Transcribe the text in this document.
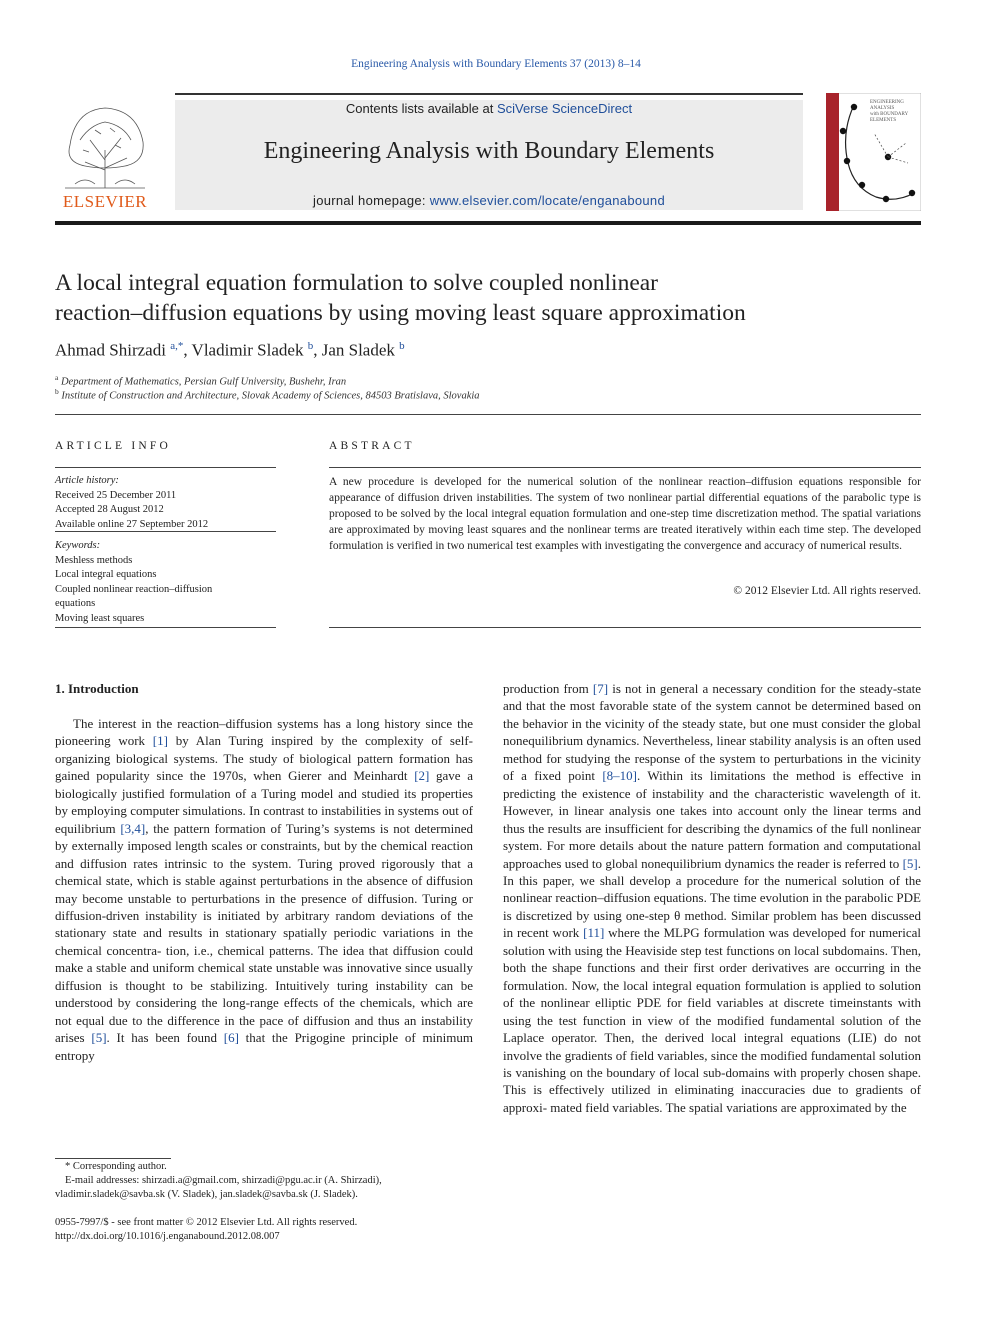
Engineering Analysis with Boundary Elements 37 (2013) 8–14
ELSEVIER
Contents lists available at SciVerse ScienceDirect
Engineering Analysis with Boundary Elements
journal homepage: www.elsevier.com/locate/enganabound
ENGINEERING
ANALYSIS
with BOUNDARY
ELEMENTS
A local integral equation formulation to solve coupled nonlinear
reaction–diffusion equations by using moving least square approximation
Ahmad Shirzadi $^{a,*}$, Vladimir Sladek $^b$, Jan Sladek $^b$
$^a$ Department of Mathematics, Persian Gulf University, Bushehr, Iran
$^b$ Institute of Construction and Architecture, Slovak Academy of Sciences, 84503 Bratislava, Slovakia
ARTICLE INFO
Article history:
Received 25 December 2011
Accepted 28 August 2012
Available online 27 September 2012
Keywords:
Meshless methods
Local integral equations
Coupled nonlinear reaction–diffusion
equations
Moving least squares
ABSTRACT
A new procedure is developed for the numerical solution of the nonlinear reaction–diffusion equations responsible for appearance of diffusion driven instabilities. The system of two nonlinear partial differential equations of the parabolic type is proposed to be solved by the local integral equation formulation and one-step time discretization method. The spatial variations are approximated by moving least squares and the nonlinear terms are treated iteratively within each time step. The developed formulation is verified in two numerical test examples with investigating the convergence and accuracy of numerical results.
© 2012 Elsevier Ltd. All rights reserved.
1. Introduction
The interest in the reaction–diffusion systems has a long history since the pioneering work [1] by Alan Turing inspired by the complexity of self-organizing biological systems. The study of biological pattern formation has gained popularity since the 1970s, when Gierer and Meinhardt [2] gave a biologically justified formulation of a Turing model and studied its properties by employing computer simulations. In contrast to instabilities in systems out of equilibrium [3,4], the pattern formation of Turing’s systems is not determined by externally imposed length scales or constraints, but by the chemical reaction and diffusion rates intrinsic to the system. Turing proved rigorously that a chemical state, which is stable against perturbations in the absence of diffusion may become unstable to perturbations in the presence of diffusion. Turing or diffusion-driven instability is initiated by arbitrary random deviations of the stationary state and results in stationary spatially periodic variations in the chemical concentra- tion, i.e., chemical patterns. The idea that diffusion could make a stable and uniform chemical state unstable was innovative since usually diffusion is thought to be stabilizing. Intuitively turing instability can be understood by considering the long-range effects of the chemicals, which are not equal due to the difference in the pace of diffusion and thus an instability arises [5]. It has been found [6] that the Prigogine principle of minimum entropy
production from [7] is not in general a necessary condition for the steady-state and that the most favorable state of the system cannot be determined based on the behavior in the vicinity of the steady state, but one must consider the global nonequilibrium dynamics. Nevertheless, linear stability analysis is an often used method for studying the response of the system to perturbations in the vicinity of a fixed point [8–10]. Within its limitations the method is effective in predicting the existence of instability and the characteristic wavelength of it. However, in linear analysis one takes into account only the linear terms and thus the results are insufficient for describing the dynamics of the full nonlinear system. For more details about the nature pattern formation and computational approaches used to global nonequilibrium dynamics the reader is referred to [5]. In this paper, we shall develop a procedure for the numerical solution of the nonlinear reaction–diffusion equations. The time evolution in the parabolic PDE is discretized by using one-step θ method. Similar problem has been discussed in recent work [11] where the MLPG formulation was developed for numerical solution with using the Heaviside step test functions on local subdomains. Then, both the shape functions and their first order derivatives are occurring in the formulation. Now, the local integral equation formulation is applied to solution of the nonlinear elliptic PDE for field variables at discrete timeinstants with using the test function in view of the modified fundamental solution of the Laplace operator. Then, the derived local integral equations (LIE) do not involve the gradients of field variables, since the modified fundamental solution is vanishing on the boundary of local sub-domains with properly chosen shape. This is effectively utilized in eliminating inaccuracies due to gradients of approxi- mated field variables. The spatial variations are approximated by the
* Corresponding author.
E-mail addresses: shirzadi.a@gmail.com, shirzadi@pgu.ac.ir (A. Shirzadi),
vladimir.sladek@savba.sk (V. Sladek), jan.sladek@savba.sk (J. Sladek).
0955-7997/$ - see front matter © 2012 Elsevier Ltd. All rights reserved.
http://dx.doi.org/10.1016/j.enganabound.2012.08.007
